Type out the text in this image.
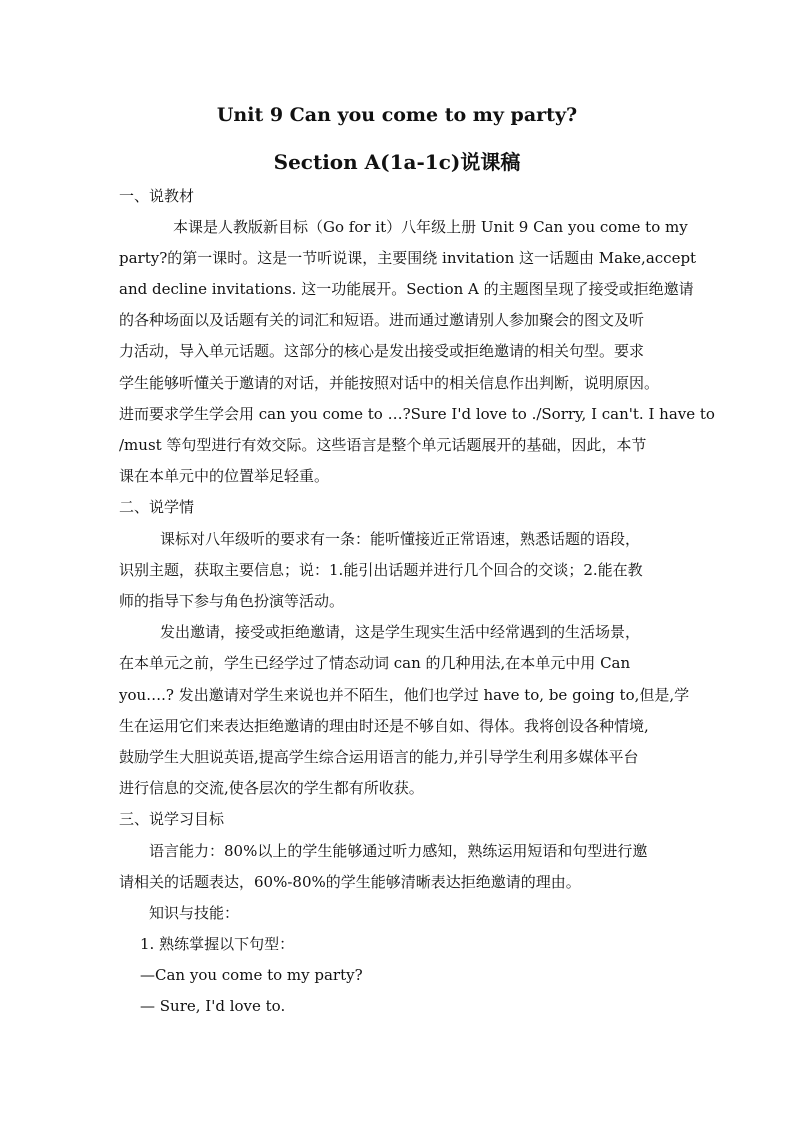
Unit 9 Can you come to my party?
Section A(1a-1c)说课稿
一、说教材
本课是人教版新目标（Go for it）八年级上册 Unit 9 Can you come to my
party?的第一课时。这是一节听说课，主要围绕 invitation 这一话题由 Make,accept
and decline invitations. 这一功能展开。Section A 的主题图呈现了接受或拒绝邀请
的各种场面以及话题有关的词汇和短语。进而通过邀请别人参加聚会的图文及听
力活动，导入单元话题。这部分的核心是发出接受或拒绝邀请的相关句型。要求
学生能够听懂关于邀请的对话，并能按照对话中的相关信息作出判断，说明原因。
进而要求学生学会用 can you come to …?Sure I'd love to ./Sorry, I can't. I have to
/must 等句型进行有效交际。这些语言是整个单元话题展开的基础，因此，本节
课在本单元中的位置举足轻重。
二、说学情
课标对八年级听的要求有一条：能听懂接近正常语速，熟悉话题的语段，
识别主题，获取主要信息；说：1.能引出话题并进行几个回合的交谈；2.能在教
师的指导下参与角色扮演等活动。
发出邀请，接受或拒绝邀请，这是学生现实生活中经常遇到的生活场景，
在本单元之前，学生已经学过了情态动词 can 的几种用法,在本单元中用 Can
you….? 发出邀请对学生来说也并不陌生，他们也学过 have to, be going to,但是,学
生在运用它们来表达拒绝邀请的理由时还是不够自如、得体。我将创设各种情境,
鼓励学生大胆说英语,提高学生综合运用语言的能力,并引导学生利用多媒体平台
进行信息的交流,使各层次的学生都有所收获。
三、说学习目标
语言能力：80%以上的学生能够通过听力感知，熟练运用短语和句型进行邀
请相关的话题表达，60%-80%的学生能够清晰表达拒绝邀请的理由。
知识与技能：
1. 熟练掌握以下句型：
—Can you come to my party?
— Sure, I'd love to.
